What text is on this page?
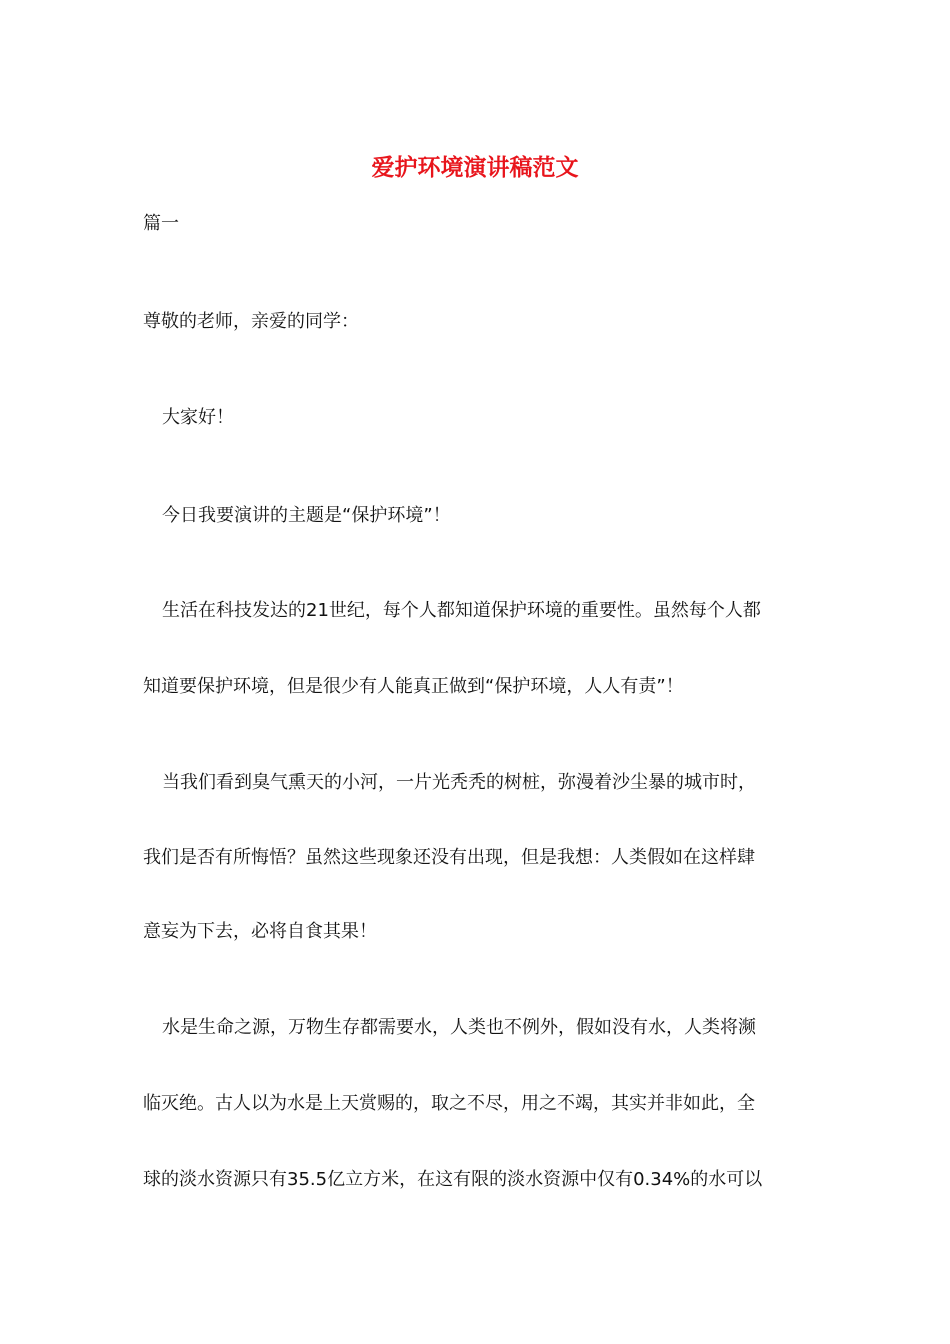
爱护环境演讲稿范文
篇一
尊敬的老师，亲爱的同学：
大家好！
今日我要演讲的主题是“保护环境”！
生活在科技发达的21世纪，每个人都知道保护环境的重要性。虽然每个人都
知道要保护环境，但是很少有人能真正做到“保护环境，人人有责”！
当我们看到臭气熏天的小河，一片光秃秃的树桩，弥漫着沙尘暴的城市时，
我们是否有所悔悟？虽然这些现象还没有出现，但是我想：人类假如在这样肆
意妄为下去，必将自食其果！
水是生命之源，万物生存都需要水，人类也不例外，假如没有水，人类将濒
临灭绝。古人以为水是上天赏赐的，取之不尽，用之不竭，其实并非如此，全
球的淡水资源只有35.5亿立方米，在这有限的淡水资源中仅有0.34%的水可以
